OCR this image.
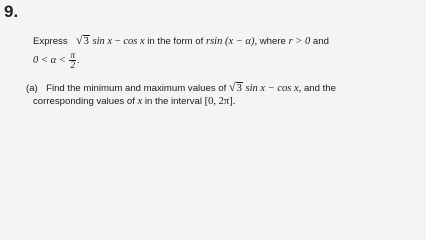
9.
Express √3 sin x − cos x in the form of rsin (x − α), where r > 0 and
$0 < \alpha < \frac{\pi}{2}$ .
(a) Find the minimum and maximum values of √3 sin x − cos x, and the
corresponding values of x in the interval [0, 2π].
